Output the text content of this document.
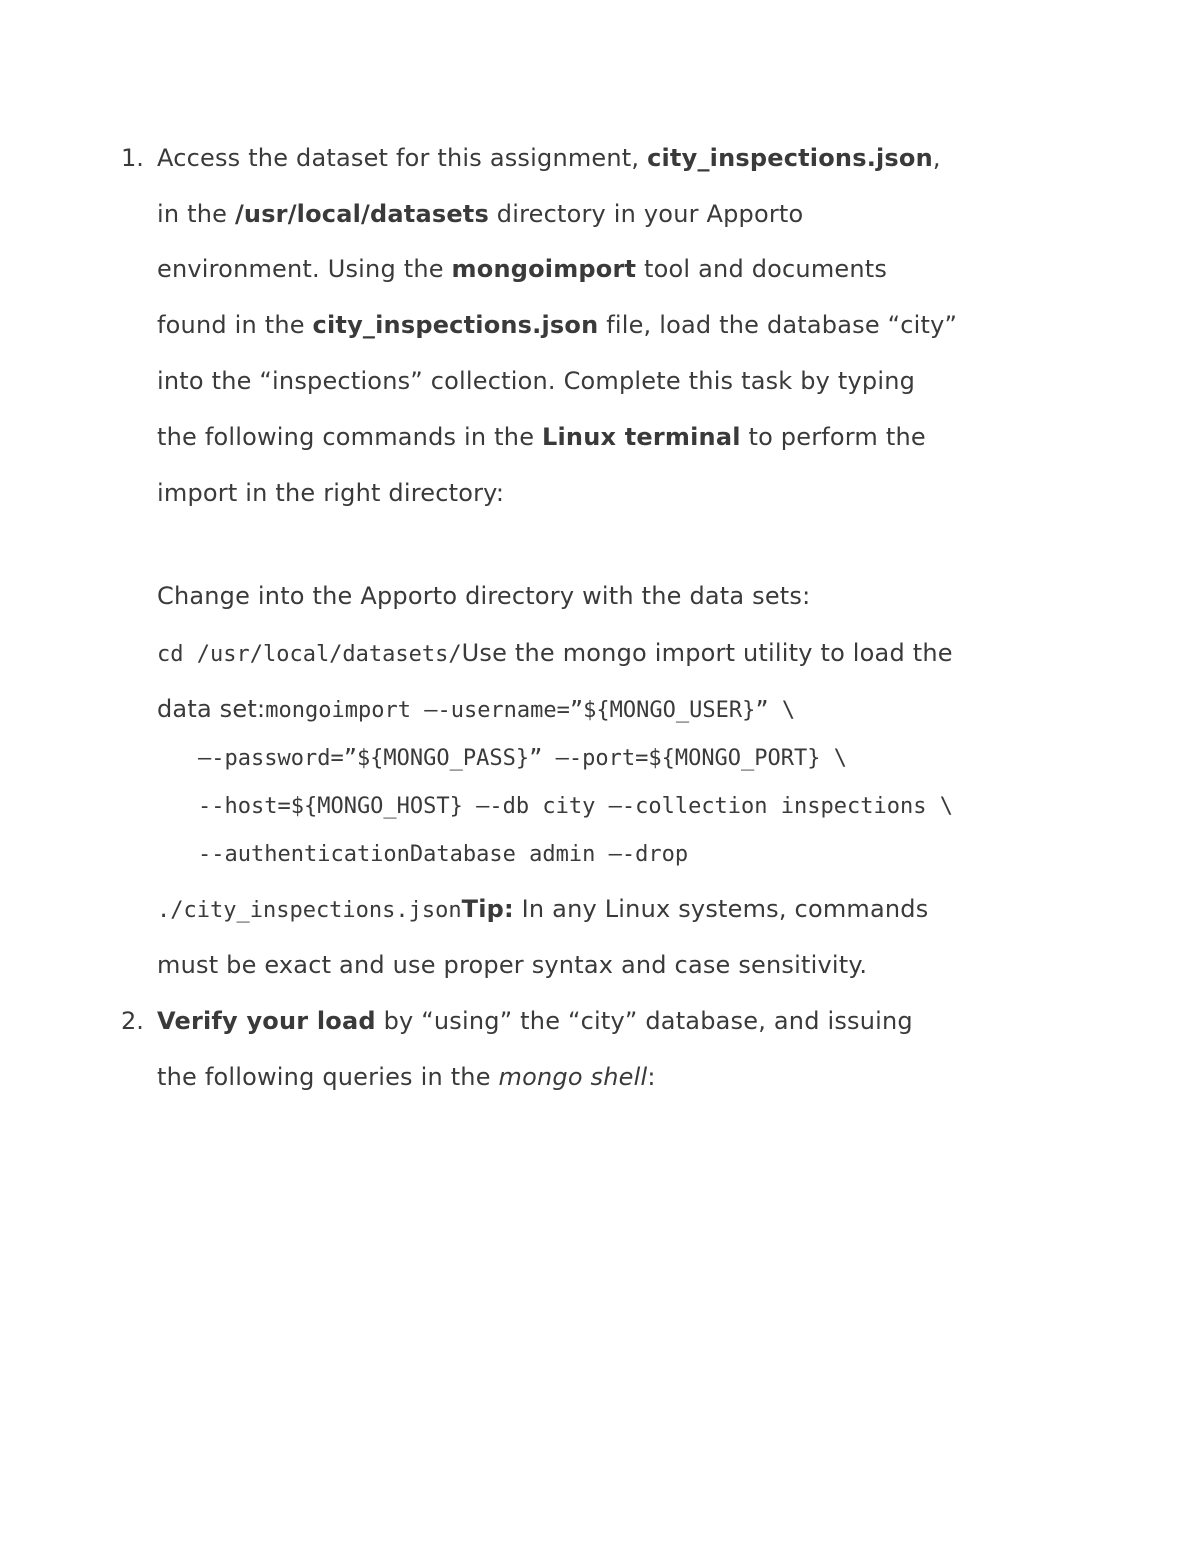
1. Access the dataset for this assignment, city_inspections.json,
in the /usr/local/datasets directory in your Apporto
environment. Using the mongoimport tool and documents
found in the city_inspections.json file, load the database “city”
into the “inspections” collection. Complete this task by typing
the following commands in the Linux terminal to perform the
import in the right directory:
Change into the Apporto directory with the data sets:
cd /usr/local/datasets/Use the mongo import utility to load the
data set:mongoimport —-username=”${MONGO_USER}” \
—-password=”${MONGO_PASS}” —-port=${MONGO_PORT} \
--host=${MONGO_HOST} —-db city —-collection inspections \
--authenticationDatabase admin —-drop
./city_inspections.jsonTip: In any Linux systems, commands
must be exact and use proper syntax and case sensitivity.
2. Verify your load by “using” the “city” database, and issuing
the following queries in the mongo shell:
